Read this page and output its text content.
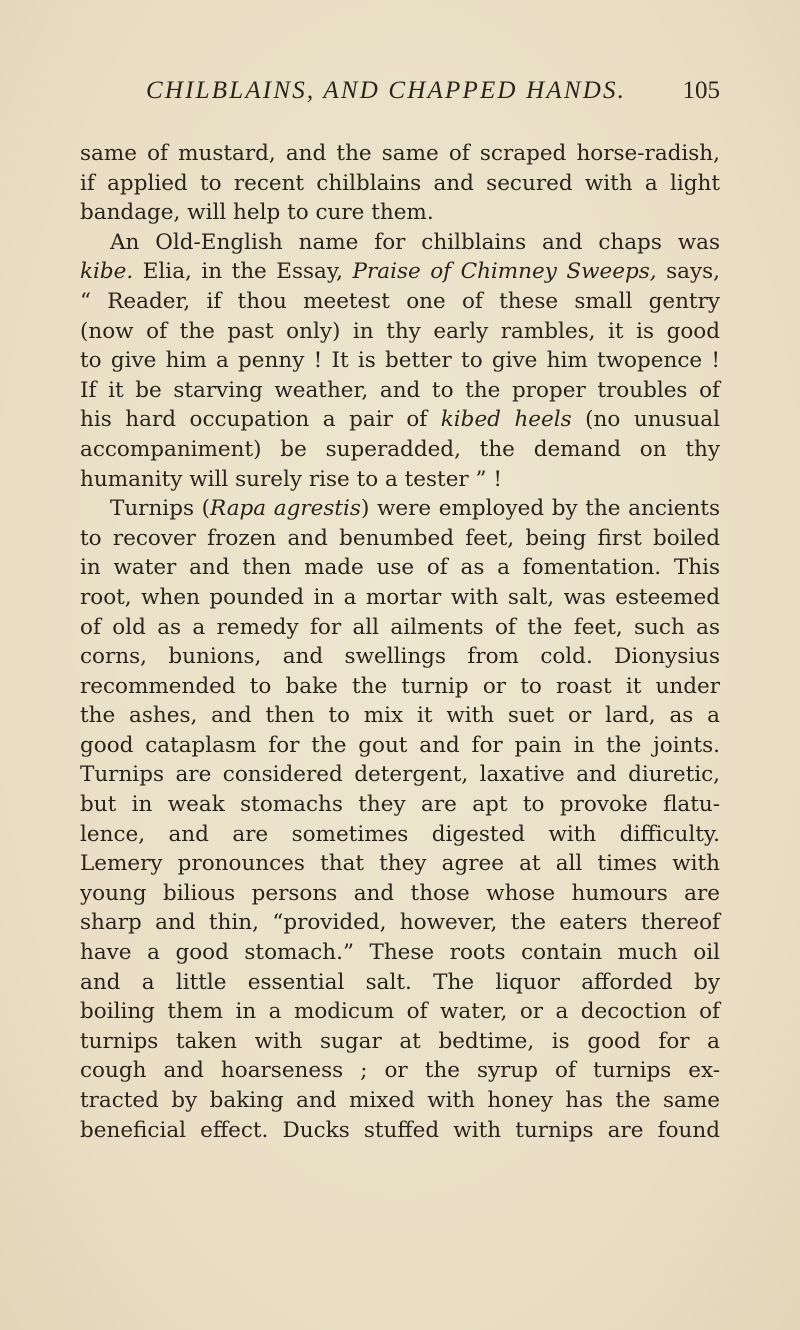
CHILBLAINS, AND CHAPPED HANDS. 105
same of mustard, and the same of scraped horse-radish,
if applied to recent chilblains and secured with a light
bandage, will help to cure them.
An Old-English name for chilblains and chaps was
kibe. Elia, in the Essay, Praise of Chimney Sweeps, says,
“ Reader, if thou meetest one of these small gentry
(now of the past only) in thy early rambles, it is good
to give him a penny ! It is better to give him twopence !
If it be starving weather, and to the proper troubles of
his hard occupation a pair of kibed heels (no unusual
accompaniment) be superadded, the demand on thy
humanity will surely rise to a tester ” !
Turnips (Rapa agrestis) were employed by the ancients
to recover frozen and benumbed feet, being first boiled
in water and then made use of as a fomentation. This
root, when pounded in a mortar with salt, was esteemed
of old as a remedy for all ailments of the feet, such as
corns, bunions, and swellings from cold. Dionysius
recommended to bake the turnip or to roast it under
the ashes, and then to mix it with suet or lard, as a
good cataplasm for the gout and for pain in the joints.
Turnips are considered detergent, laxative and diuretic,
but in weak stomachs they are apt to provoke flatu-
lence, and are sometimes digested with difficulty.
Lemery pronounces that they agree at all times with
young bilious persons and those whose humours are
sharp and thin, “provided, however, the eaters thereof
have a good stomach.” These roots contain much oil
and a little essential salt. The liquor afforded by
boiling them in a modicum of water, or a decoction of
turnips taken with sugar at bedtime, is good for a
cough and hoarseness ; or the syrup of turnips ex-
tracted by baking and mixed with honey has the same
beneficial effect. Ducks stuffed with turnips are found
